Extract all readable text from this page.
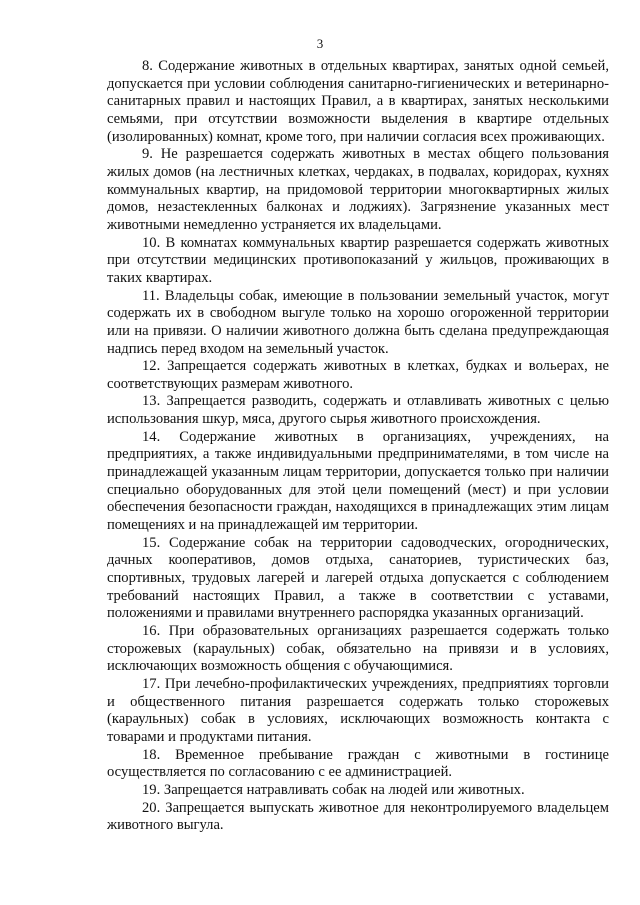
3

8. Содержание животных в отдельных квартирах, занятых одной семьей, допускается при условии соблюдения санитарно-гигиенических и ветеринарно-санитарных правил и настоящих Правил, а в квартирах, занятых несколькими семьями, при отсутствии возможности выделения в квартире отдельных (изолированных) комнат, кроме того, при наличии согласия всех проживающих.

9. Не разрешается содержать животных в местах общего пользования жилых домов (на лестничных клетках, чердаках, в подвалах, коридорах, кухнях коммунальных квартир, на придомовой территории многоквартирных жилых домов, незастекленных балконах и лоджиях). Загрязнение указанных мест животными немедленно устраняется их владельцами.

10. В комнатах коммунальных квартир разрешается содержать животных при отсутствии медицинских противопоказаний у жильцов, проживающих в таких квартирах.

11. Владельцы собак, имеющие в пользовании земельный участок, могут содержать их в свободном выгуле только на хорошо огороженной территории или на привязи. О наличии животного должна быть сделана предупреждающая надпись перед входом на земельный участок.

12. Запрещается содержать животных в клетках, будках и вольерах, не соответствующих размерам животного.

13. Запрещается разводить, содержать и отлавливать животных с целью использования шкур, мяса, другого сырья животного происхождения.

14. Содержание животных в организациях, учреждениях, на предприятиях, а также индивидуальными предпринимателями, в том числе на принадлежащей указанным лицам территории, допускается только при наличии специально оборудованных для этой цели помещений (мест) и при условии обеспечения безопасности граждан, находящихся в принадлежащих этим лицам помещениях и на принадлежащей им территории.

15. Содержание собак на территории садоводческих, огороднических, дачных кооперативов, домов отдыха, санаториев, туристических баз, спортивных, трудовых лагерей и лагерей отдыха допускается с соблюдением требований настоящих Правил, а также в соответствии с уставами, положениями и правилами внутреннего распорядка указанных организаций.

16. При образовательных организациях разрешается содержать только сторожевых (караульных) собак, обязательно на привязи и в условиях, исключающих возможность общения с обучающимися.

17. При лечебно-профилактических учреждениях, предприятиях торговли и общественного питания разрешается содержать только сторожевых (караульных) собак в условиях, исключающих возможность контакта с товарами и продуктами питания.

18. Временное пребывание граждан с животными в гостинице осуществляется по согласованию с ее администрацией.

19. Запрещается натравливать собак на людей или животных.

20. Запрещается выпускать животное для неконтролируемого владельцем животного выгула.
